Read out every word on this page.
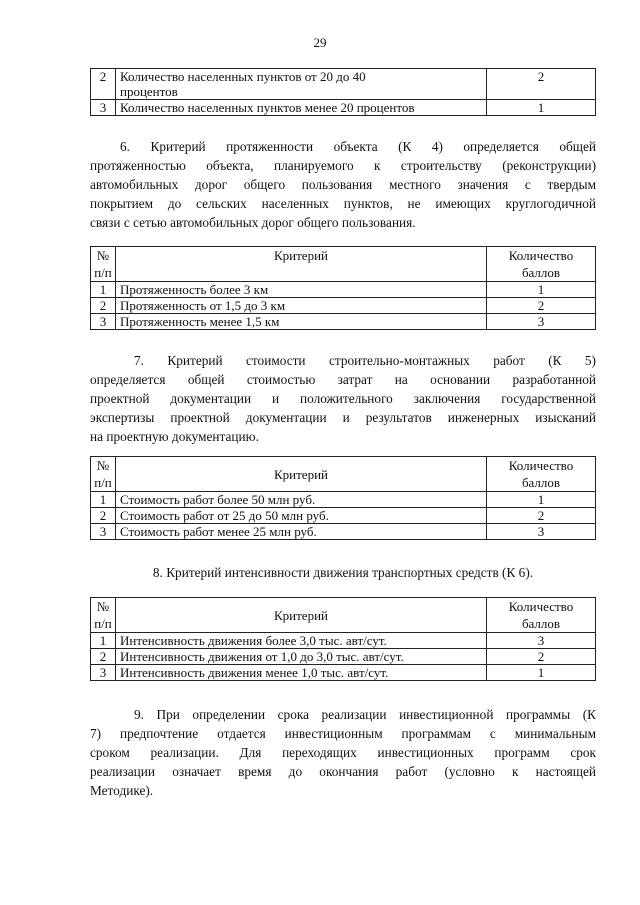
29
2	Количество населенных пунктов от 20 до 40
процентов	2
3	Количество населенных пунктов менее 20 процентов	1
6. Критерий протяженности объекта (К 4) определяется общей
протяженностью объекта, планируемого к строительству (реконструкции)
автомобильных дорог общего пользования местного значения с твердым
покрытием до сельских населенных пунктов, не имеющих круглогодичной
связи с сетью автомобильных дорог общего пользования.
№
п/п	Критерий	Количество
баллов
1	Протяженность более 3 км	1
2	Протяженность от 1,5 до 3 км	2
3	Протяженность менее 1,5 км	3
7. Критерий стоимости строительно-монтажных работ (К 5)
определяется общей стоимостью затрат на основании разработанной
проектной документации и положительного заключения государственной
экспертизы проектной документации и результатов инженерных изысканий
на проектную документацию.
№
п/п	Критерий	Количество
баллов
1	Стоимость работ более 50 млн руб.	1
2	Стоимость работ от 25 до 50 млн руб.	2
3	Стоимость работ менее 25 млн руб.	3
8. Критерий интенсивности движения транспортных средств (К 6).
№
п/п	Критерий	Количество
баллов
1	Интенсивность движения более 3,0 тыс. авт/сут.	3
2	Интенсивность движения от 1,0 до 3,0 тыс. авт/сут.	2
3	Интенсивность движения менее 1,0 тыс. авт/сут.	1
9. При определении срока реализации инвестиционной программы (К
7) предпочтение отдается инвестиционным программам с минимальным
сроком реализации. Для переходящих инвестиционных программ срок
реализации означает время до окончания работ (условно к настоящей
Методике).
